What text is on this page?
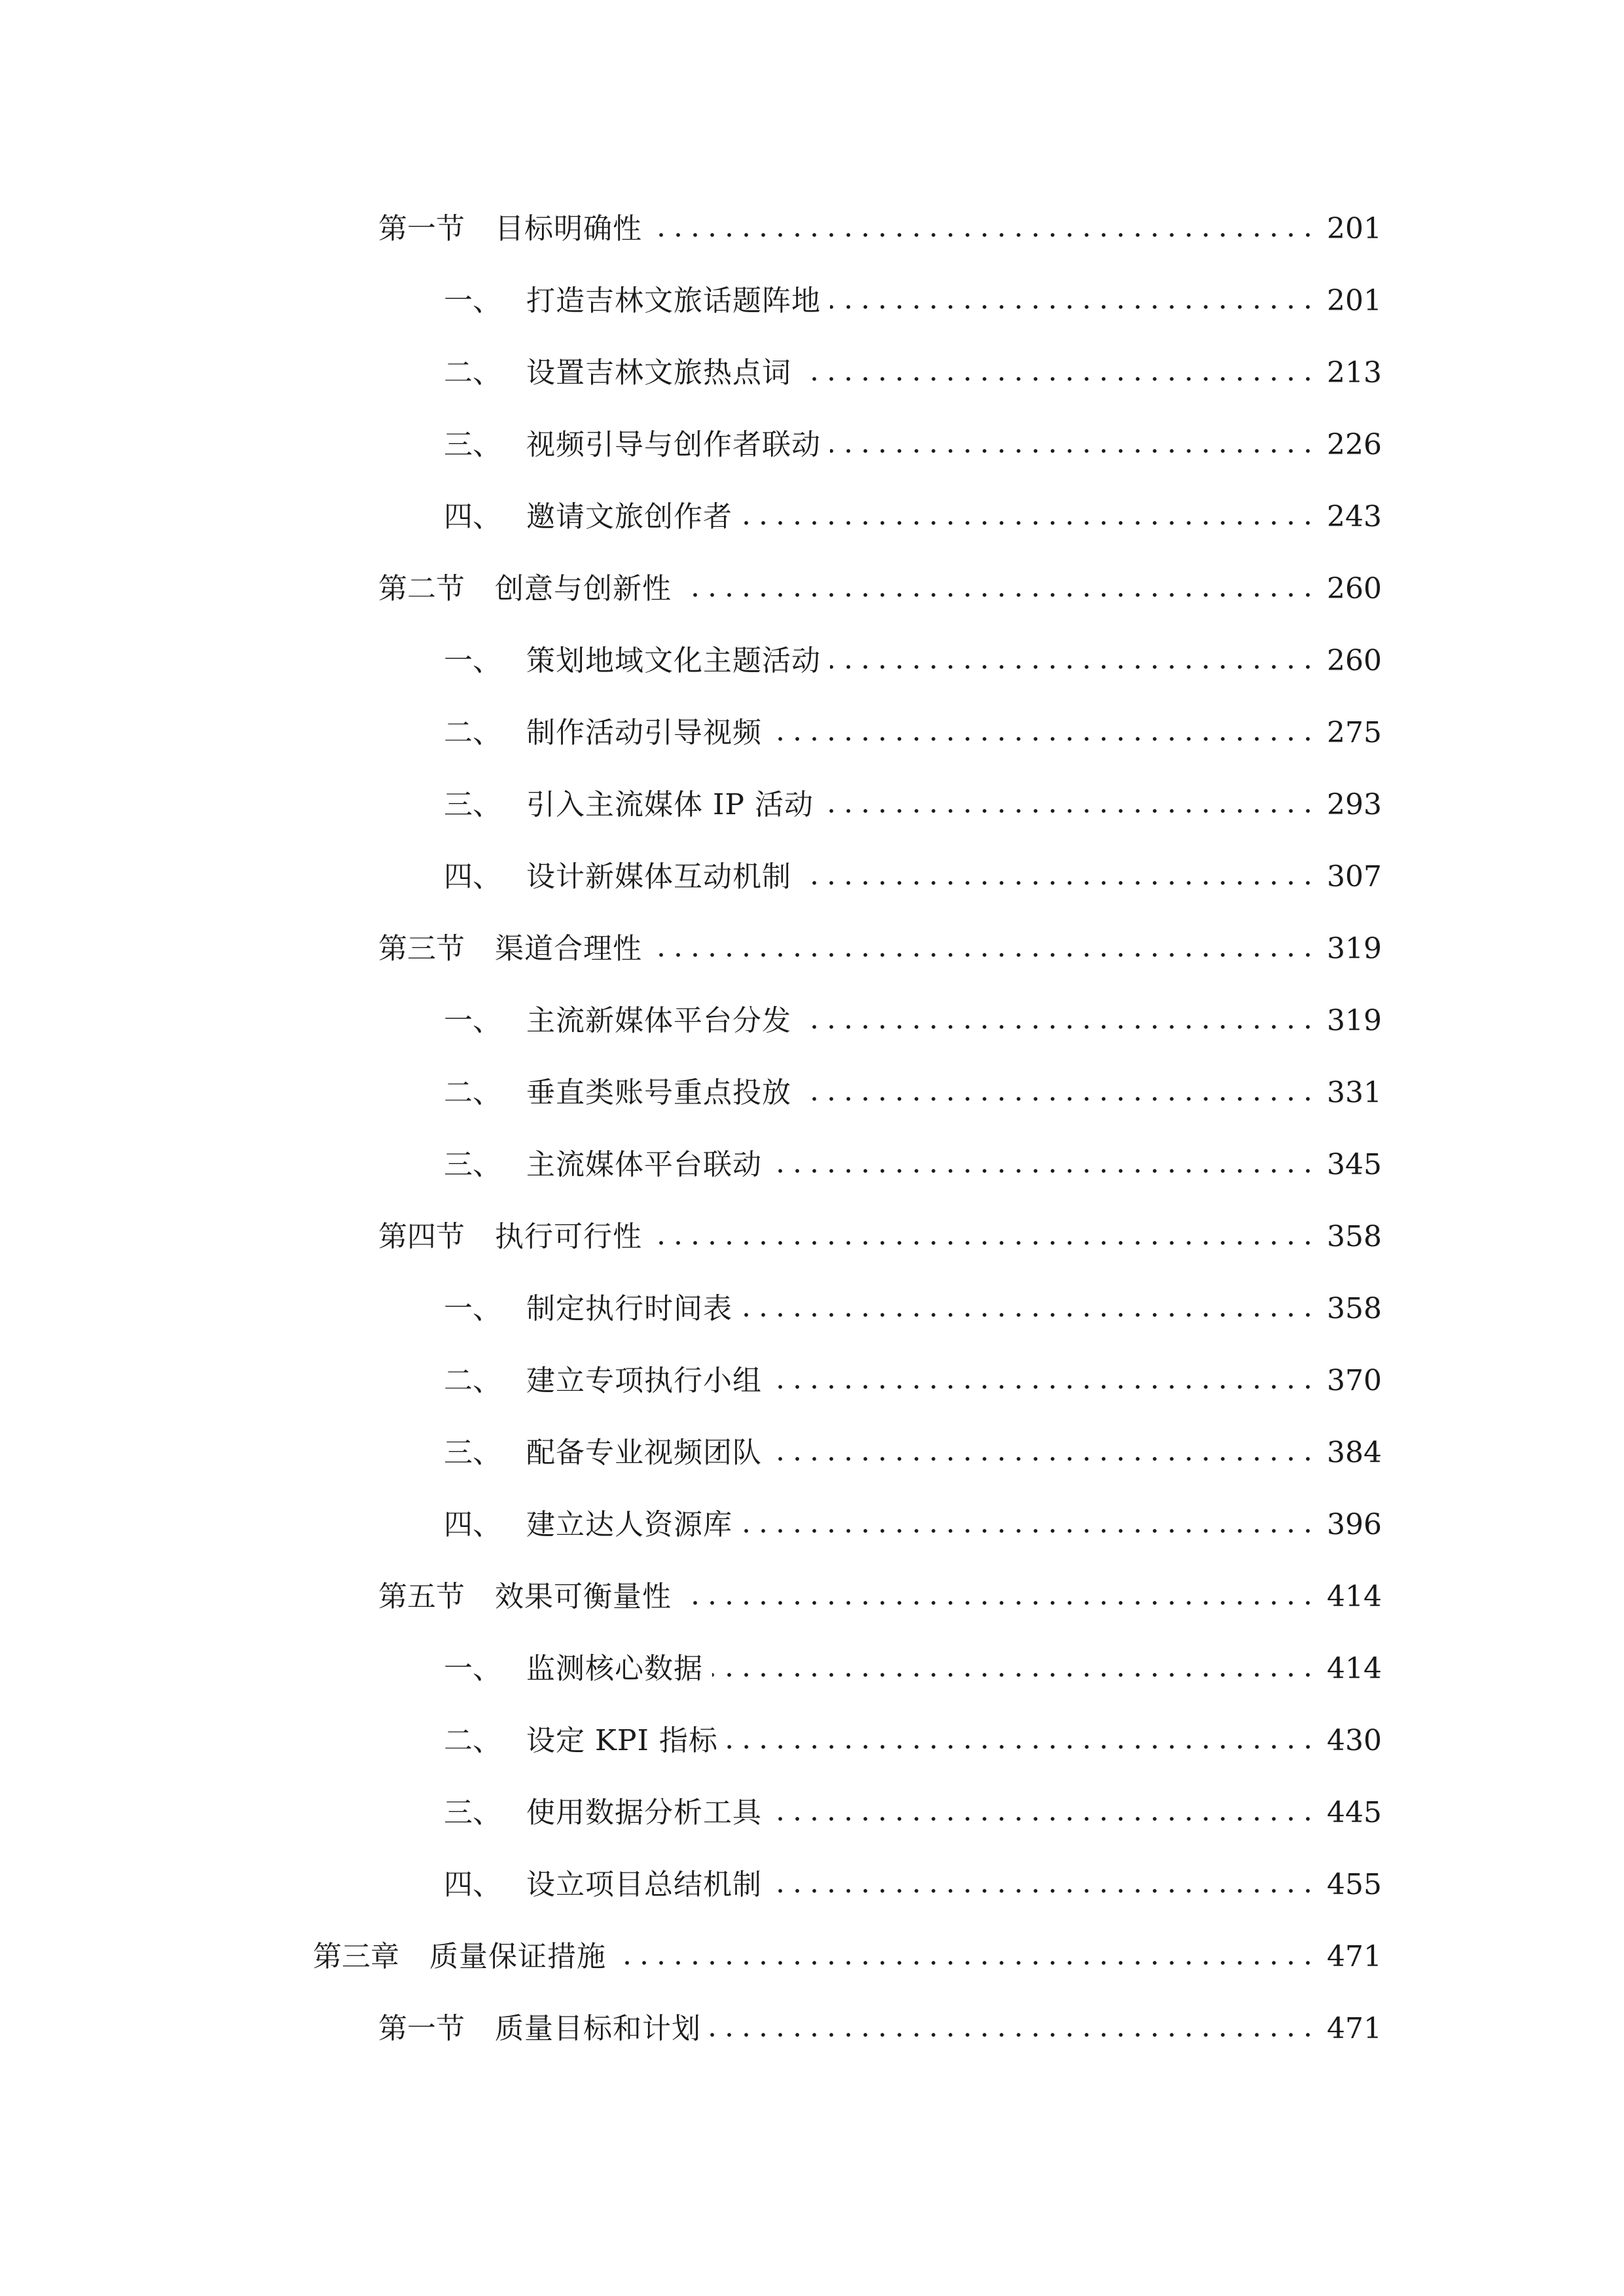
第一节	目标明确性	201
一、 打造吉林文旅话题阵地	201
二、 设置吉林文旅热点词	213
三、 视频引导与创作者联动	226
四、 邀请文旅创作者	243
第二节	创意与创新性	260
一、 策划地域文化主题活动	260
二、 制作活动引导视频	275
三、 引入主流媒体 IP 活动	293
四、 设计新媒体互动机制	307
第三节	渠道合理性	319
一、 主流新媒体平台分发	319
二、 垂直类账号重点投放	331
三、 主流媒体平台联动	345
第四节	执行可行性	358
一、 制定执行时间表	358
二、 建立专项执行小组	370
三、 配备专业视频团队	384
四、 建立达人资源库	396
第五节	效果可衡量性	414
一、 监测核心数据	414
二、 设定 KPI 指标	430
三、 使用数据分析工具	445
四、 设立项目总结机制	455
第三章	质量保证措施	471
第一节	质量目标和计划	471
